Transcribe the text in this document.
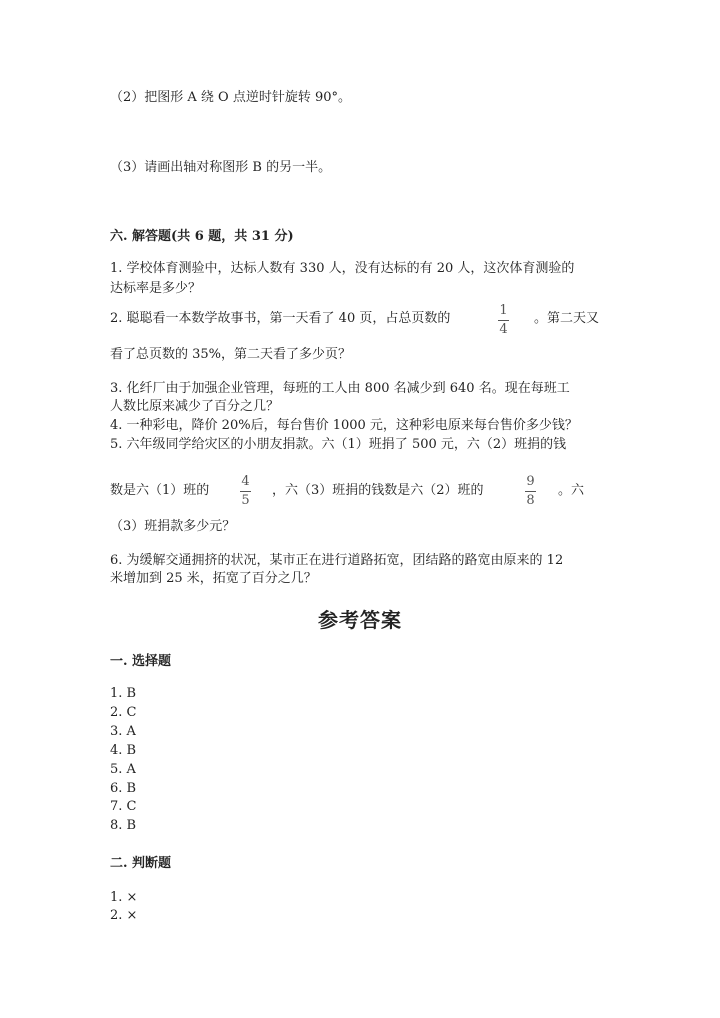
（2）把图形 A 绕 O 点逆时针旋转 90°。
（3）请画出轴对称图形 B 的另一半。
六. 解答题(共 6 题，共 31 分)
1. 学校体育测验中，达标人数有 330 人，没有达标的有 20 人，这次体育测验的
达标率是多少？
2. 聪聪看一本数学故事书，第一天看了 40 页，占总页数的
1
4
。第二天又
看了总页数的 35%，第二天看了多少页？
3. 化纤厂由于加强企业管理，每班的工人由 800 名减少到 640 名。现在每班工
人数比原来减少了百分之几？
4. 一种彩电，降价 20%后，每台售价 1000 元，这种彩电原来每台售价多少钱？
5. 六年级同学给灾区的小朋友捐款。六（1）班捐了 500 元，六（2）班捐的钱
数是六（1）班的
4
5
，六（3）班捐的钱数是六（2）班的
9
8
。六
（3）班捐款多少元？
6. 为缓解交通拥挤的状况，某市正在进行道路拓宽，团结路的路宽由原来的 12
米增加到 25 米，拓宽了百分之几？
参考答案
一. 选择题
1. B
2. C
3. A
4. B
5. A
6. B
7. C
8. B
二. 判断题
1. ×
2. ×
